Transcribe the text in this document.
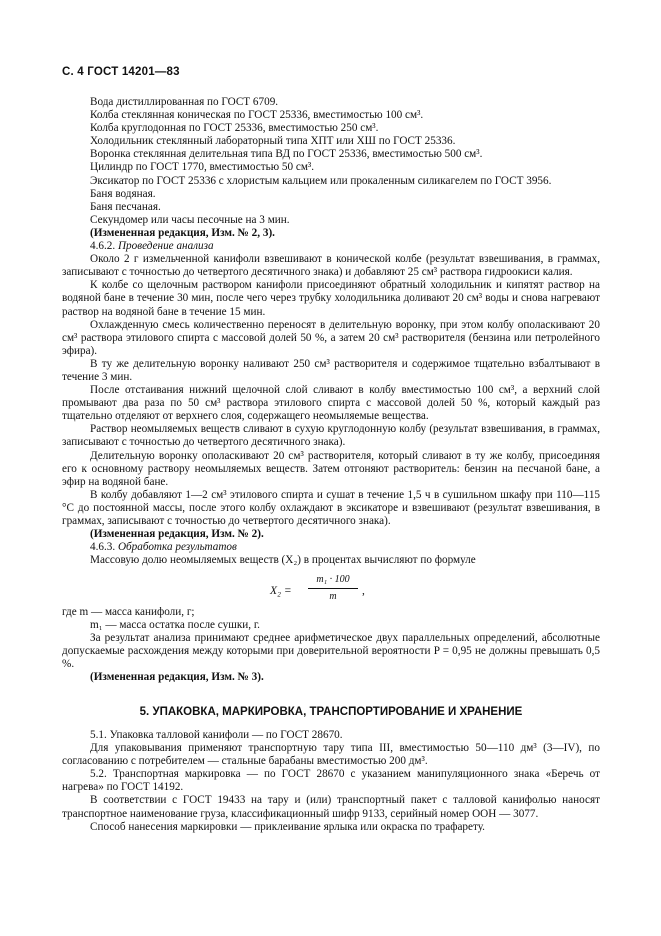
С. 4 ГОСТ 14201—83

Вода дистиллированная по ГОСТ 6709.

Колба стеклянная коническая по ГОСТ 25336, вместимостью 100 см³.

Колба круглодонная по ГОСТ 25336, вместимостью 250 см³.

Холодильник стеклянный лабораторный типа ХПТ или ХШ по ГОСТ 25336.

Воронка стеклянная делительная типа ВД по ГОСТ 25336, вместимостью 500 см³.

Цилиндр по ГОСТ 1770, вместимостью 50 см³.

Эксикатор по ГОСТ 25336 с хлористым кальцием или прокаленным силикагелем по ГОСТ 3956.

Баня водяная.

Баня песчаная.

Секундомер или часы песочные на 3 мин.

(Измененная редакция, Изм. № 2, 3).

4.6.2. Проведение анализа

Около 2 г измельченной канифоли взвешивают в конической колбе (результат взвешивания, в граммах, записывают с точностью до четвертого десятичного знака) и добавляют 25 см³ раствора гидроокиси калия.

К колбе со щелочным раствором канифоли присоединяют обратный холодильник и кипятят раствор на водяной бане в течение 30 мин, после чего через трубку холодильника доливают 20 см³ воды и снова нагревают раствор на водяной бане в течение 15 мин.

Охлажденную смесь количественно переносят в делительную воронку, при этом колбу ополаскивают 20 см³ раствора этилового спирта с массовой долей 50 %, а затем 20 см³ растворителя (бензина или петролейного эфира).

В ту же делительную воронку наливают 250 см³ растворителя и содержимое тщательно взбалтывают в течение 3 мин.

После отстаивания нижний щелочной слой сливают в колбу вместимостью 100 см³, а верхний слой промывают два раза по 50 см³ раствора этилового спирта с массовой долей 50 %, который каждый раз тщательно отделяют от верхнего слоя, содержащего неомыляемые вещества.

Раствор неомыляемых веществ сливают в сухую круглодонную колбу (результат взвешивания, в граммах, записывают с точностью до четвертого десятичного знака).

Делительную воронку ополаскивают 20 см³ растворителя, который сливают в ту же колбу, присоединяя его к основному раствору неомыляемых веществ. Затем отгоняют растворитель: бензин на песчаной бане, а эфир на водяной бане.

В колбу добавляют 1—2 см³ этилового спирта и сушат в течение 1,5 ч в сушильном шкафу при 110—115 °С до постоянной массы, после этого колбу охлаждают в эксикаторе и взвешивают (результат взвешивания, в граммах, записывают с точностью до четвертого десятичного знака).

(Измененная редакция, Изм. № 2).

4.6.3. Обработка результатов

Массовую долю неомыляемых веществ (X₂) в процентах вычисляют по формуле

X₂ =
m₁ · 100
m	,

где m — масса канифоли, г;

m₁ — масса остатка после сушки, г.

За результат анализа принимают среднее арифметическое двух параллельных определений, абсолютные допускаемые расхождения между которыми при доверительной вероятности P = 0,95 не должны превышать 0,5 %.

(Измененная редакция, Изм. № 3).

5. УПАКОВКА, МАРКИРОВКА, ТРАНСПОРТИРОВАНИЕ И ХРАНЕНИЕ

5.1. Упаковка талловой канифоли — по ГОСТ 28670.

Для упаковывания применяют транспортную тару типа III, вместимостью 50—110 дм³ (3—IV), по согласованию с потребителем — стальные барабаны вместимостью 200 дм³.

5.2. Транспортная маркировка — по ГОСТ 28670 с указанием манипуляционного знака «Беречь от нагрева» по ГОСТ 14192.

В соответствии с ГОСТ 19433 на тару и (или) транспортный пакет с талловой канифолью наносят транспортное наименование груза, классификационный шифр 9133, серийный номер ООН — 3077.

Способ нанесения маркировки — приклеивание ярлыка или окраска по трафарету.
